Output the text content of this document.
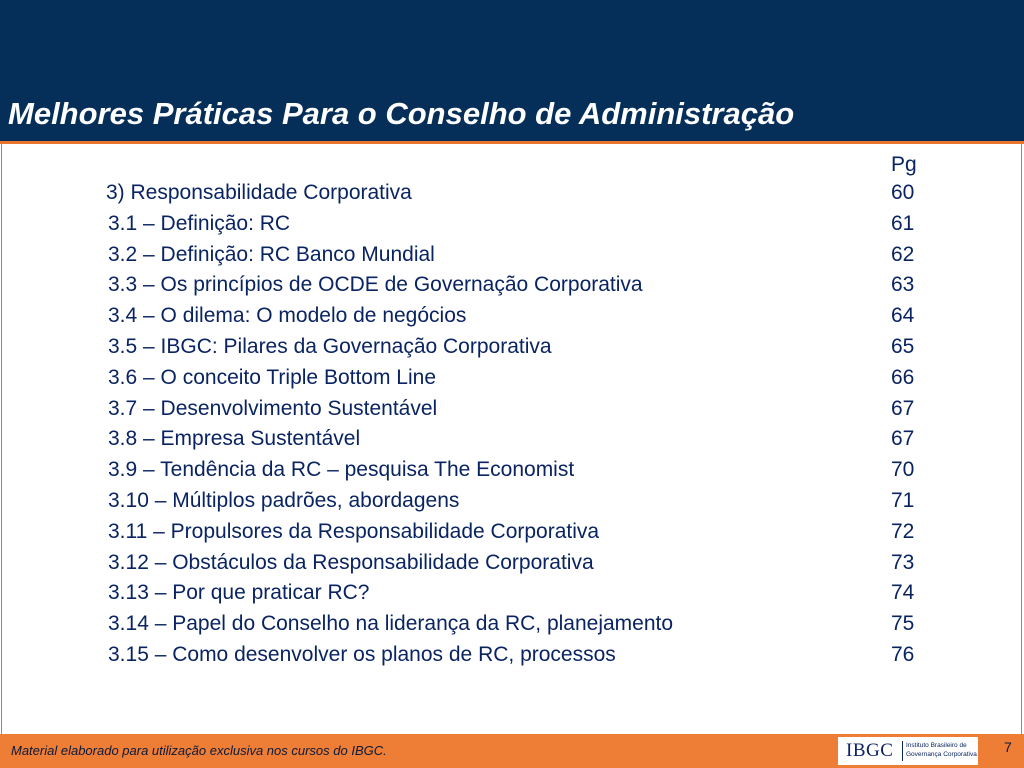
Melhores Práticas Para o Conselho de Administração
Pg
3) Responsabilidade Corporativa	60
3.1 – Definição: RC	61
3.2 – Definição: RC Banco Mundial	62
3.3 – Os princípios de OCDE de Governação Corporativa	63
3.4 – O dilema: O modelo de negócios	64
3.5 – IBGC: Pilares da Governação Corporativa	65
3.6 – O conceito Triple Bottom Line	66
3.7 – Desenvolvimento Sustentável	67
3.8 – Empresa Sustentável	67
3.9 – Tendência da RC – pesquisa The Economist	70
3.10 – Múltiplos padrões, abordagens	71
3.11 – Propulsores da Responsabilidade Corporativa	72
3.12 – Obstáculos da Responsabilidade Corporativa	73
3.13 – Por que praticar RC?	74
3.14 – Papel do Conselho na liderança da RC, planejamento	75
3.15 – Como desenvolver os planos de RC, processos	76
Material elaborado para utilização exclusiva nos cursos do IBGC.	IBGC Instituto Brasileiro de
Governança Corporativa 7
